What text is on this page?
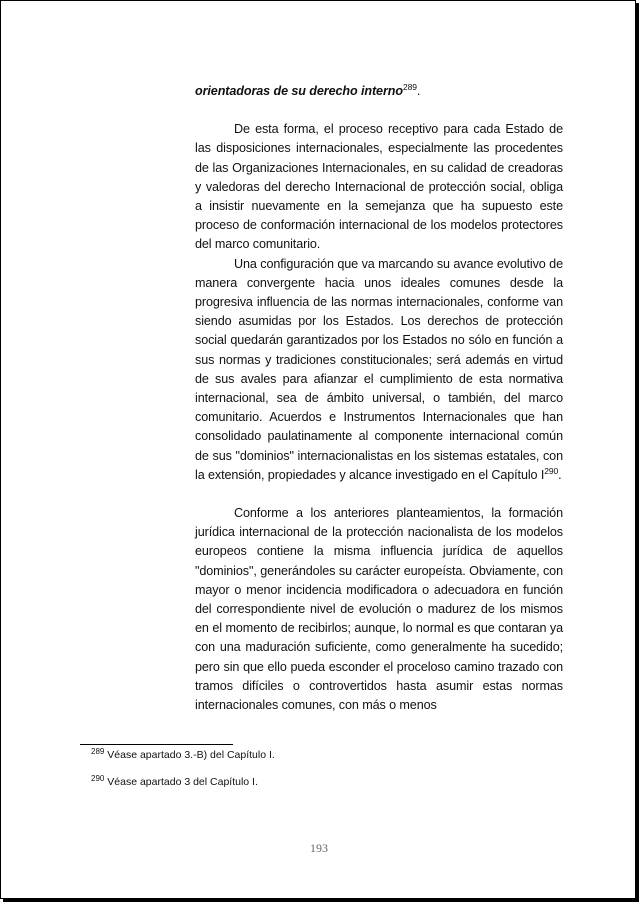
orientadoras de su derecho interno$^{289}$.

De esta forma, el proceso receptivo para cada Estado de las disposiciones internacionales, especialmente las procedentes de las Organizaciones Internacionales, en su calidad de creadoras y valedoras del derecho Internacional de protección social, obliga a insistir nuevamente en la semejanza que ha supuesto este proceso de conformación internacional de los modelos protectores del marco comunitario.

Una configuración que va marcando su avance evolutivo de manera convergente hacia unos ideales comunes desde la progresiva influencia de las normas internacionales, conforme van siendo asumidas por los Estados. Los derechos de protección social quedarán garantizados por los Estados no sólo en función a sus normas y tradiciones constitucionales; será además en virtud de sus avales para afianzar el cumplimiento de esta normativa internacional, sea de ámbito universal, o también, del marco comunitario. Acuerdos e Instrumentos Internacionales que han consolidado paulatinamente al componente internacional común de sus "dominios" internacionalistas en los sistemas estatales, con la extensión, propiedades y alcance investigado en el Capítulo $I^{290}$.

Conforme a los anteriores planteamientos, la formación jurídica internacional de la protección nacionalista de los modelos europeos contiene la misma influencia jurídica de aquellos "dominios", generándoles su carácter europeísta. Obviamente, con mayor o menor incidencia modificadora o adecuadora en función del correspondiente nivel de evolución o madurez de los mismos en el momento de recibirlos; aunque, lo normal es que contaran ya con una maduración suficiente, como generalmente ha sucedido; pero sin que ello pueda esconder el proceloso camino trazado con tramos difíciles o controvertidos hasta asumir estas normas internacionales comunes, con más o menos

$^{289}$ Véase apartado 3.-B) del Capítulo I.

$^{290}$ Véase apartado 3 del Capítulo I.

193
